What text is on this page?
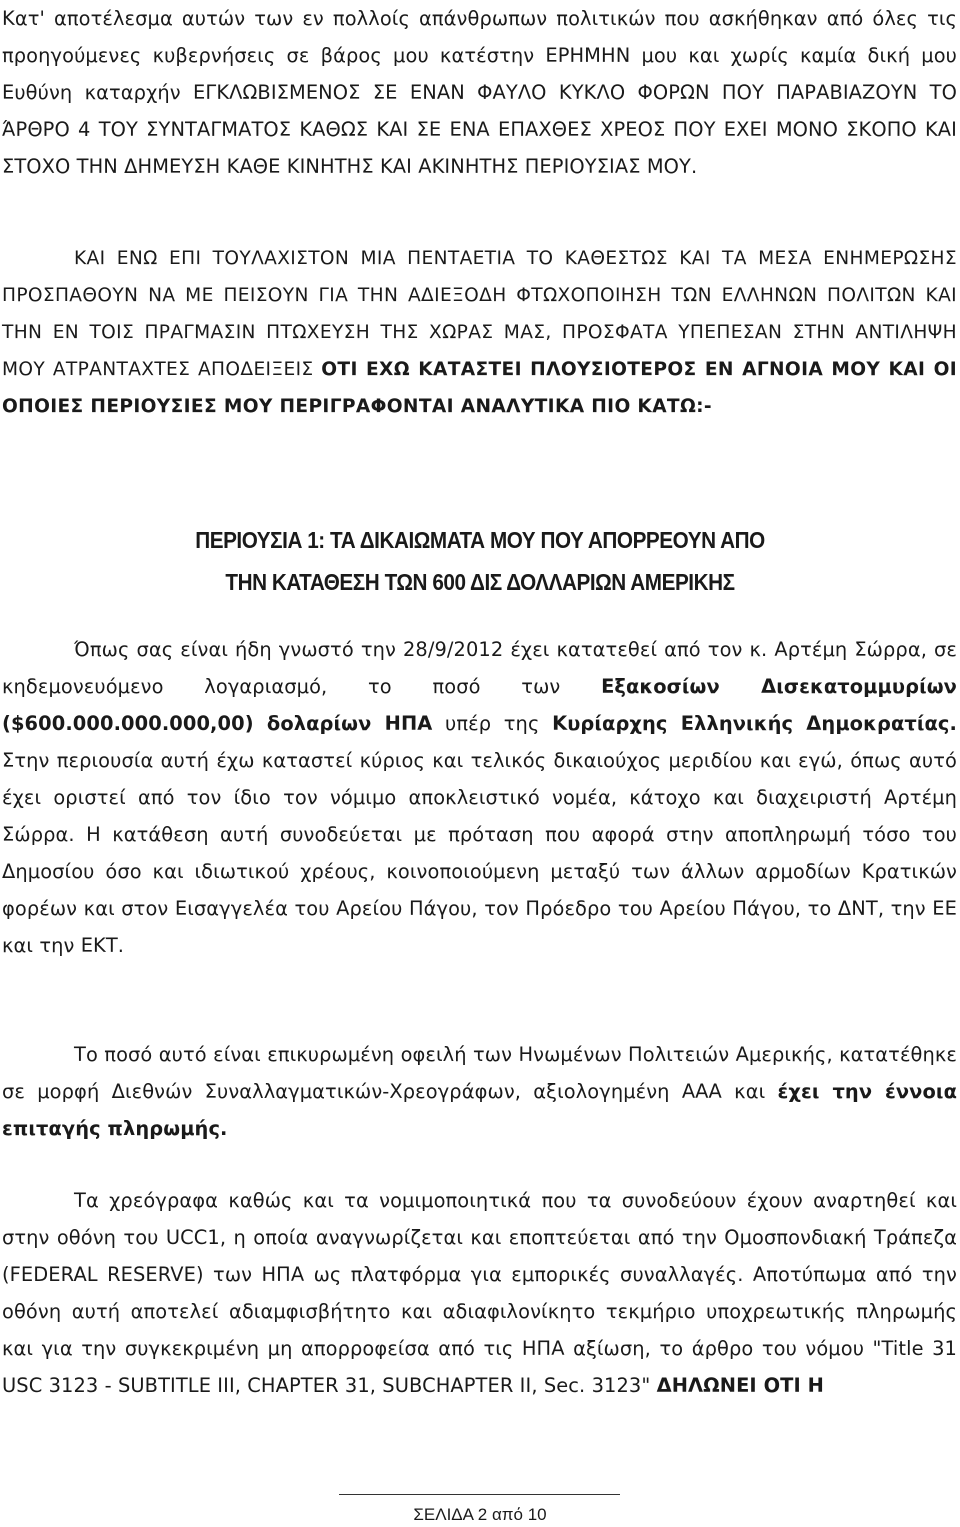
Κατ' αποτέλεσμα αυτών των εν πολλοίς απάνθρωπων πολιτικών που ασκήθηκαν από όλες τις προηγούμενες κυβερνήσεις σε βάρος μου κατέστην ΕΡΗΜΗΝ μου και χωρίς καμία δική μου Ευθύνη καταρχήν ΕΓΚΛΩΒΙΣΜΕΝΟΣ ΣΕ ΕΝΑΝ ΦΑΥΛΟ ΚΥΚΛΟ ΦΟΡΩΝ ΠΟΥ ΠΑΡΑΒΙΑΖΟΥΝ ΤΟ ΆΡΘΡΟ 4 ΤΟΥ ΣΥΝΤΑΓΜΑΤΟΣ ΚΑΘΩΣ ΚΑΙ ΣΕ ΕΝΑ ΕΠΑΧΘΕΣ ΧΡΕΟΣ ΠΟΥ ΕΧΕΙ ΜΟΝΟ ΣΚΟΠΟ ΚΑΙ ΣΤΟΧΟ ΤΗΝ ΔΗΜΕΥΣΗ ΚΑΘΕ ΚΙΝΗΤΗΣ ΚΑΙ ΑΚΙΝΗΤΗΣ ΠΕΡΙΟΥΣΙΑΣ ΜΟΥ.

ΚΑΙ ΕΝΩ ΕΠΙ ΤΟΥΛΑΧΙΣΤΟΝ ΜΙΑ ΠΕΝΤΑΕΤΙΑ ΤΟ ΚΑΘΕΣΤΩΣ ΚΑΙ ΤΑ ΜΕΣΑ ΕΝΗΜΕΡΩΣΗΣ ΠΡΟΣΠΑΘΟΥΝ ΝΑ ΜΕ ΠΕΙΣΟΥΝ ΓΙΑ ΤΗΝ ΑΔΙΕΞΟΔΗ ΦΤΩΧΟΠΟΙΗΣΗ ΤΩΝ ΕΛΛΗΝΩΝ ΠΟΛΙΤΩΝ ΚΑΙ ΤΗΝ ΕΝ ΤΟΙΣ ΠΡΑΓΜΑΣΙΝ ΠΤΩΧΕΥΣΗ ΤΗΣ ΧΩΡΑΣ ΜΑΣ, ΠΡΟΣΦΑΤΑ ΥΠΕΠΕΣΑΝ ΣΤΗΝ ΑΝΤΙΛΗΨΗ ΜΟΥ ΑΤΡΑΝΤΑΧΤΕΣ ΑΠΟΔΕΙΞΕΙΣ ΟΤΙ ΕΧΩ ΚΑΤΑΣΤΕΙ ΠΛΟΥΣΙΟΤΕΡΟΣ ΕΝ ΑΓΝΟΙΑ ΜΟΥ ΚΑΙ ΟΙ ΟΠΟΙΕΣ ΠΕΡΙΟΥΣΙΕΣ ΜΟΥ ΠΕΡΙΓΡΑΦΟΝΤΑΙ ΑΝΑΛΥΤΙΚΑ ΠΙΟ ΚΑΤΩ:-

ΠΕΡΙΟΥΣΙΑ 1: ΤΑ ΔΙΚΑΙΩΜΑΤΑ ΜΟΥ ΠΟΥ ΑΠΟΡΡΕΟΥΝ ΑΠΟ
ΤΗΝ ΚΑΤΑΘΕΣΗ ΤΩΝ 600 ΔΙΣ ΔΟΛΛΑΡΙΩΝ ΑΜΕΡΙΚΗΣ

Όπως σας είναι ήδη γνωστό την 28/9/2012 έχει κατατεθεί από τον κ. Αρτέμη Σώρρα, σε κηδεμονευόμενο λογαριασμό, το ποσό των Εξακοσίων Δισεκατομμυρίων ($600.000.000.000,00) δολαρίων ΗΠΑ υπέρ της Κυρίαρχης Ελληνικής Δημοκρατίας. Στην περιουσία αυτή έχω καταστεί κύριος και τελικός δικαιούχος μεριδίου και εγώ, όπως αυτό έχει οριστεί από τον ίδιο τον νόμιμο αποκλειστικό νομέα, κάτοχο και διαχειριστή Αρτέμη Σώρρα. Η κατάθεση αυτή συνοδεύεται με πρόταση που αφορά στην αποπληρωμή τόσο του Δημοσίου όσο και ιδιωτικού χρέους, κοινοποιούμενη μεταξύ των άλλων αρμοδίων Κρατικών φορέων και στον Εισαγγελέα του Αρείου Πάγου, τον Πρόεδρο του Αρείου Πάγου, το ΔΝΤ, την ΕΕ και την ΕΚΤ.

Το ποσό αυτό είναι επικυρωμένη οφειλή των Ηνωμένων Πολιτειών Αμερικής, κατατέθηκε σε μορφή Διεθνών Συναλλαγματικών-Χρεογράφων, αξιολογημένη ΑΑΑ και έχει την έννοια επιταγής πληρωμής.

Τα χρεόγραφα καθώς και τα νομιμοποιητικά που τα συνοδεύουν έχουν αναρτηθεί και στην οθόνη του UCC1, η οποία αναγνωρίζεται και εποπτεύεται από την Ομοσπονδιακή Τράπεζα (FEDERAL RESERVE) των ΗΠΑ ως πλατφόρμα για εμπορικές συναλλαγές. Αποτύπωμα από την οθόνη αυτή αποτελεί αδιαμφισβήτητο και αδιαφιλονίκητο τεκμήριο υποχρεωτικής πληρωμής και για την συγκεκριμένη μη απορροφείσα από τις ΗΠΑ αξίωση, το άρθρο του νόμου "Title 31 USC 3123 - SUBTITLE III, CHAPTER 31, SUBCHAPTER II, Sec. 3123" ΔΗΛΩΝΕΙ ΟΤΙ Η

ΣΕΛΙΔΑ 2 από 10
